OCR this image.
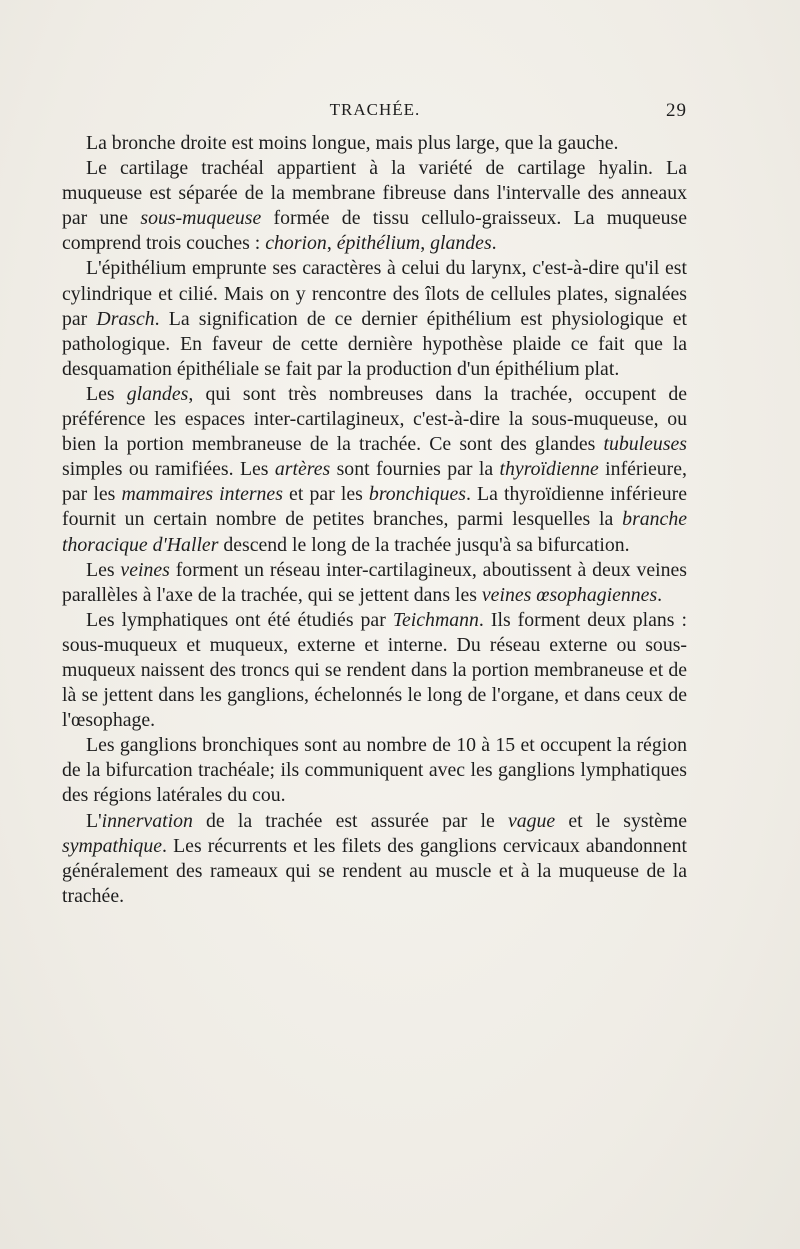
TRACHÉE.	29

La bronche droite est moins longue, mais plus large, que la gauche.

Le cartilage trachéal appartient à la variété de cartilage hyalin. La muqueuse est séparée de la membrane fibreuse dans l'intervalle des anneaux par une sous-muqueuse formée de tissu cellulo-graisseux. La muqueuse comprend trois couches : chorion, épithélium, glandes.

L'épithélium emprunte ses caractères à celui du larynx, c'est-à-dire qu'il est cylindrique et cilié. Mais on y rencontre des îlots de cellules plates, signalées par Drasch. La signification de ce dernier épithélium est physiologique et pathologique. En faveur de cette dernière hypothèse plaide ce fait que la desquamation épithéliale se fait par la production d'un épithélium plat.

Les glandes, qui sont très nombreuses dans la trachée, occupent de préférence les espaces inter-cartilagineux, c'est-à-dire la sous-muqueuse, ou bien la portion membraneuse de la trachée. Ce sont des glandes tubuleuses simples ou ramifiées. Les artères sont fournies par la thyroïdienne inférieure, par les mammaires internes et par les bronchiques. La thyroïdienne inférieure fournit un certain nombre de petites branches, parmi lesquelles la branche thoracique d'Haller descend le long de la trachée jusqu'à sa bifurcation.

Les veines forment un réseau inter-cartilagineux, aboutissent à deux veines parallèles à l'axe de la trachée, qui se jettent dans les veines œsophagiennes.

Les lymphatiques ont été étudiés par Teichmann. Ils forment deux plans : sous-muqueux et muqueux, externe et interne. Du réseau externe ou sous-muqueux naissent des troncs qui se rendent dans la portion membraneuse et de là se jettent dans les ganglions, échelonnés le long de l'organe, et dans ceux de l'œsophage.

Les ganglions bronchiques sont au nombre de 10 à 15 et occupent la région de la bifurcation trachéale; ils communiquent avec les ganglions lymphatiques des régions latérales du cou.

L'innervation de la trachée est assurée par le vague et le système sympathique. Les récurrents et les filets des ganglions cervicaux abandonnent généralement des rameaux qui se rendent au muscle et à la muqueuse de la trachée.
